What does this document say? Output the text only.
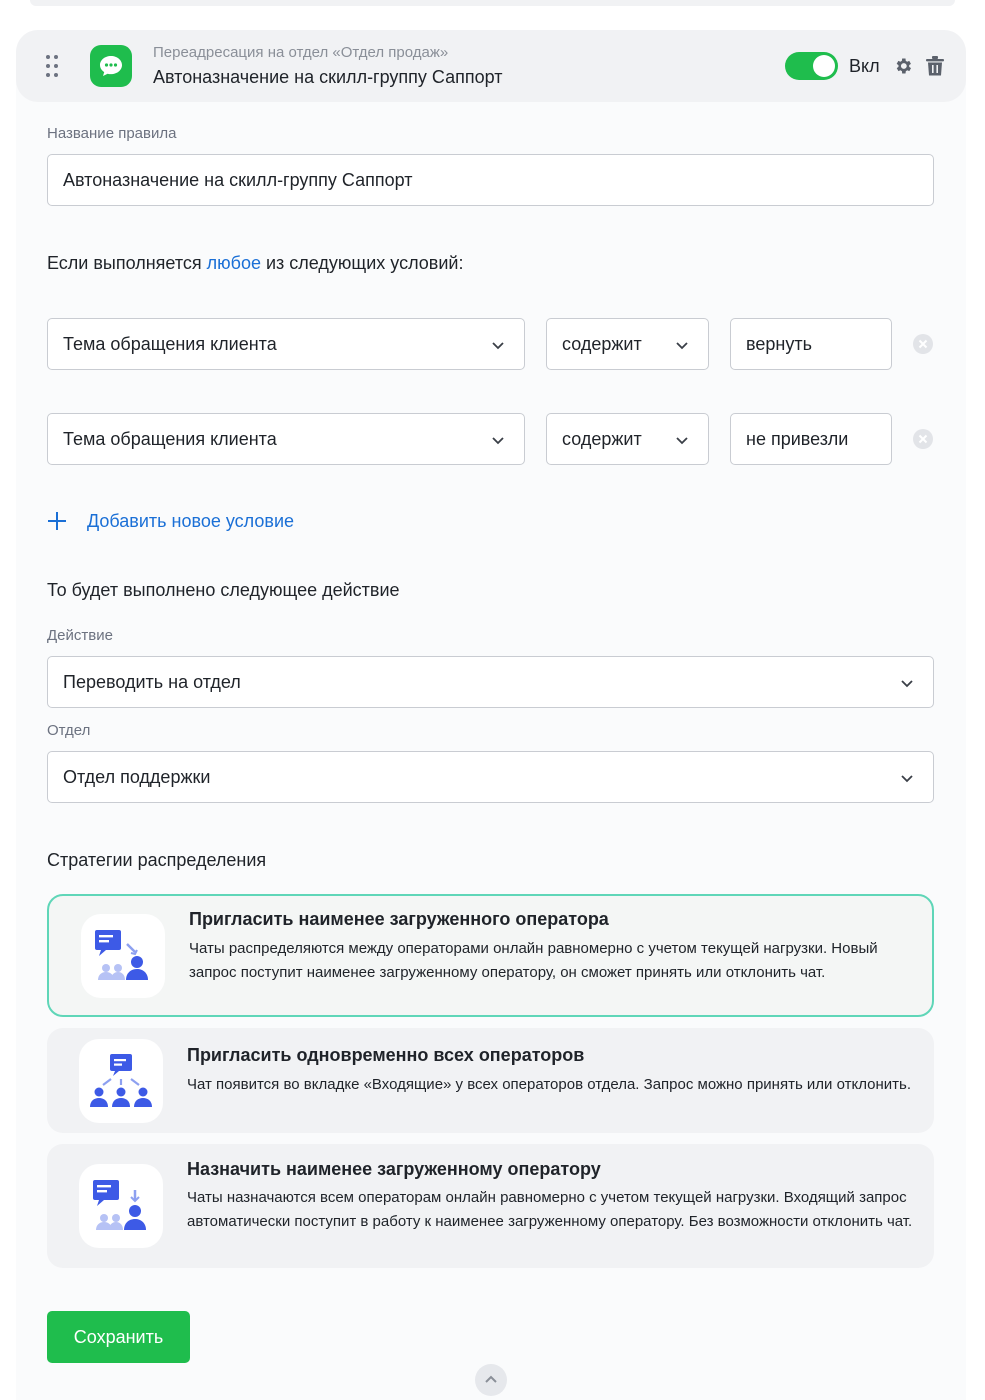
Переадресация на отдел «Отдел продаж»
Автоназначение на скилл-группу Саппорт
Вкл
Название правила
Автоназначение на скилл-группу Саппорт
Если выполняется любое из следующих условий:
Тема обращения клиента	содержит	вернуть
Тема обращения клиента	содержит	не привезли
Добавить новое условие
То будет выполнено следующее действие
Действие
Переводить на отдел
Отдел
Отдел поддержки
Стратегии распределения
Пригласить наименее загруженного оператора
Чаты распределяются между операторами онлайн равномерно с учетом текущей нагрузки. Новый запрос поступит наименее загруженному оператору, он сможет принять или отклонить чат.
Пригласить одновременно всех операторов
Чат появится во вкладке «Входящие» у всех операторов отдела. Запрос можно принять или отклонить.
Назначить наименее загруженному оператору
Чаты назначаются всем операторам онлайн равномерно с учетом текущей нагрузки. Входящий запрос автоматически поступит в работу к наименее загруженному оператору. Без возможности отклонить чат.
Сохранить
